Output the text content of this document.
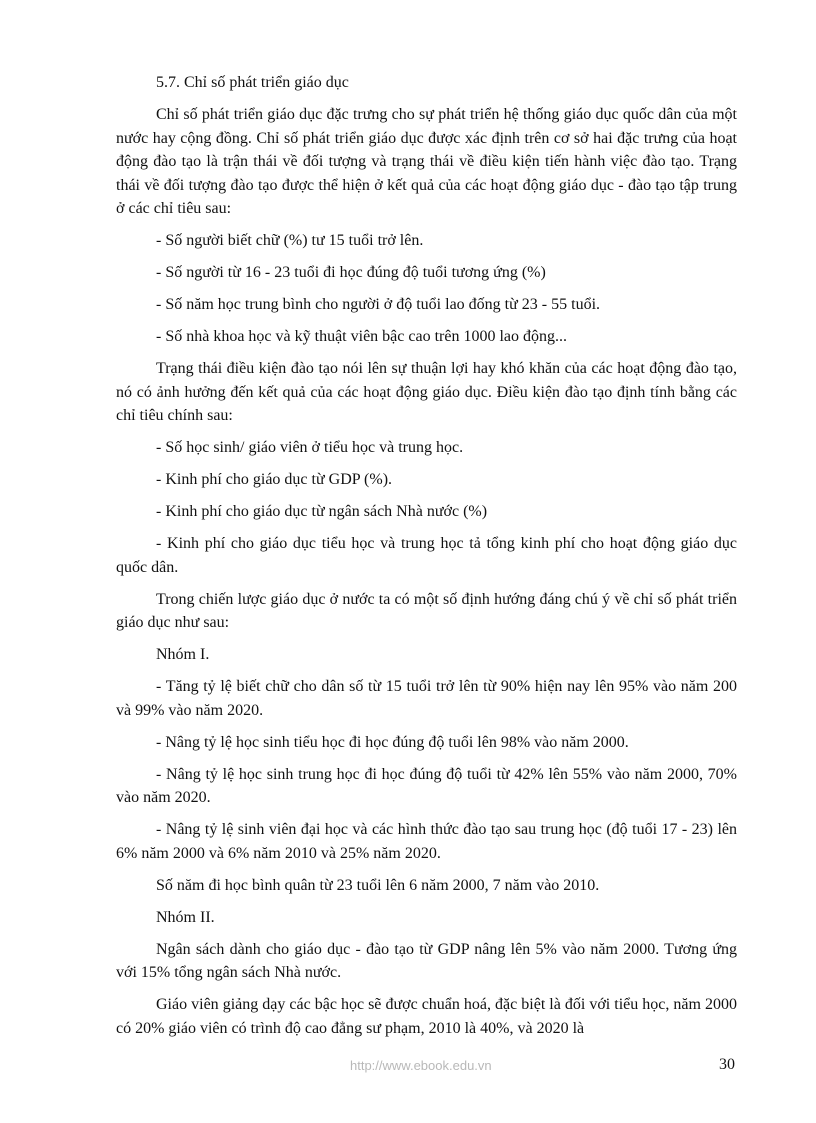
5.7. Chỉ số phát triển giáo dục

Chỉ số phát triển giáo dục đặc trưng cho sự phát triển hệ thống giáo dục quốc dân của một nước hay cộng đồng. Chỉ số phát triển giáo dục được xác định trên cơ sở hai đặc trưng của hoạt động đào tạo là trận thái về đối tượng và trạng thái về điều kiện tiến hành việc đào tạo. Trạng thái về đối tượng đào tạo được thể hiện ở kết quả của các hoạt động giáo dục - đào tạo tập trung ở các chỉ tiêu sau:

- Số người biết chữ (%) tư 15 tuổi trở lên.

- Số người từ 16 - 23 tuổi đi học đúng độ tuổi tương ứng (%)

- Số năm học trung bình cho người ở độ tuổi lao đống từ 23 - 55 tuổi.

- Số nhà khoa học và kỹ thuật viên bậc cao trên 1000 lao động...

Trạng thái điều kiện đào tạo nói lên sự thuận lợi hay khó khăn của các hoạt động đào tạo, nó có ảnh hưởng đến kết quả của các hoạt động giáo dục. Điều kiện đào tạo định tính bằng các chỉ tiêu chính sau:

- Số học sinh/ giáo viên ở tiểu học và trung học.

- Kinh phí cho giáo dục từ GDP (%).

- Kinh phí cho giáo dục từ ngân sách Nhà nước (%)

- Kinh phí cho giáo dục tiểu học và trung học tả tổng kinh phí cho hoạt động giáo dục quốc dân.

Trong chiến lược giáo dục ở nước ta có một số định hướng đáng chú ý về chỉ số phát triển giáo dục như sau:

Nhóm I.

- Tăng tỷ lệ biết chữ cho dân số từ 15 tuổi trở lên từ 90% hiện nay lên 95% vào năm 200 và 99% vào năm 2020.

- Nâng tỷ lệ học sinh tiểu học đi học đúng độ tuổi lên 98% vào năm 2000.

- Nâng tỷ lệ học sinh trung học đi học đúng độ tuổi từ 42% lên 55% vào năm 2000, 70% vào năm 2020.

- Nâng tỷ lệ sinh viên đại học và các hình thức đào tạo sau trung học (độ tuổi 17 - 23) lên 6% năm 2000 và 6% năm 2010 và 25% năm 2020.

Số năm đi học bình quân từ 23 tuổi lên 6 năm 2000, 7 năm vào 2010.

Nhóm II.

Ngân sách dành cho giáo dục - đào tạo từ GDP nâng lên 5% vào năm 2000. Tương ứng với 15% tổng ngân sách Nhà nước.

Giáo viên giảng dạy các bậc học sẽ được chuẩn hoá, đặc biệt là đối với tiểu học, năm 2000 có 20% giáo viên có trình độ cao đẳng sư phạm, 2010 là 40%, và 2020 là

http://www.ebook.edu.vn	30
